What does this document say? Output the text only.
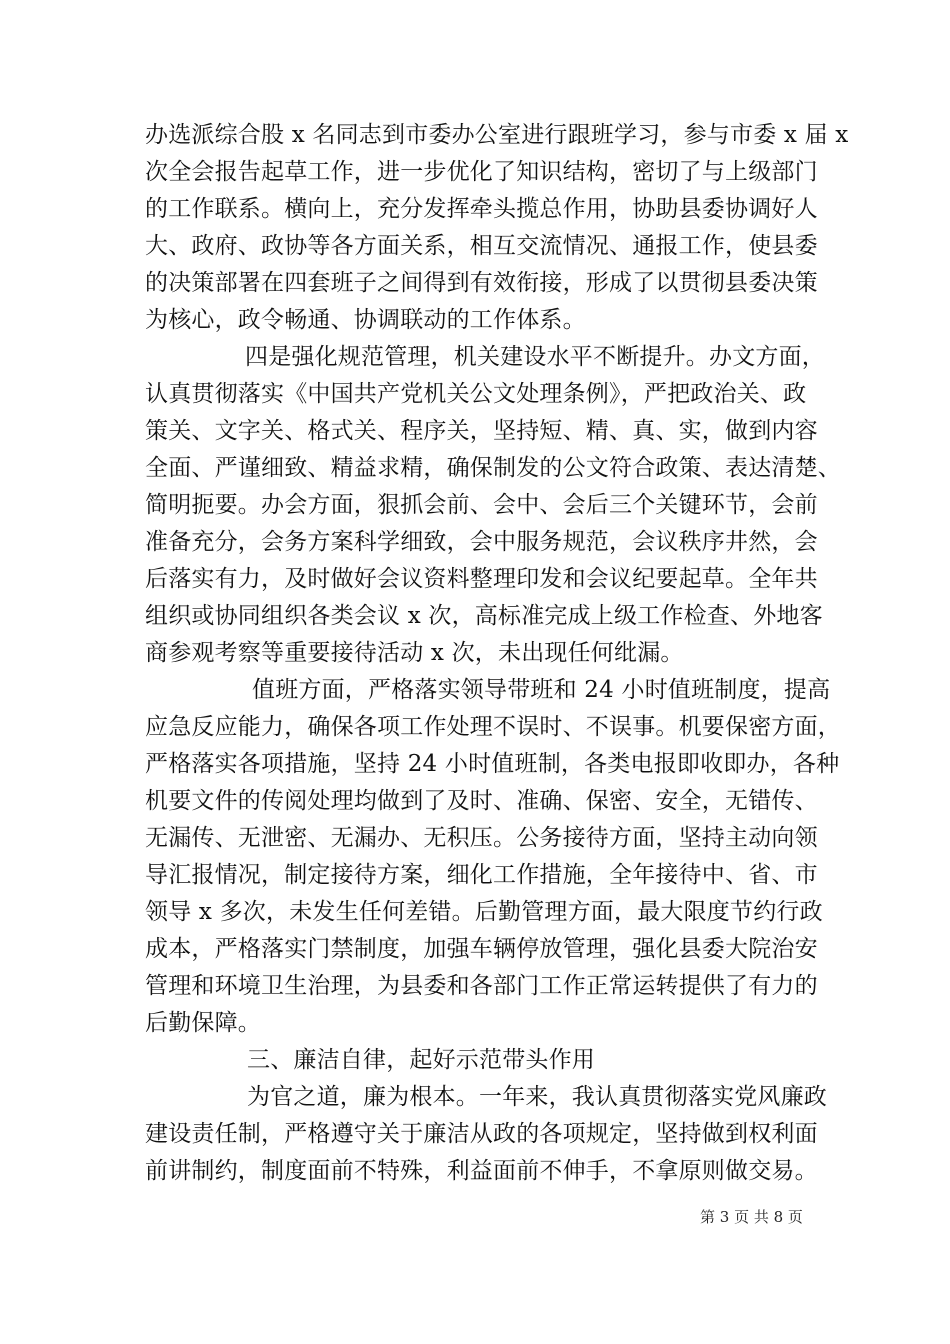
办选派综合股 x 名同志到市委办公室进行跟班学习，参与市委 x 届 x
次全会报告起草工作，进一步优化了知识结构，密切了与上级部门
的工作联系。横向上，充分发挥牵头揽总作用，协助县委协调好人
大、政府、政协等各方面关系，相互交流情况、通报工作，使县委
的决策部署在四套班子之间得到有效衔接，形成了以贯彻县委决策
为核心，政令畅通、协调联动的工作体系。
四是强化规范管理，机关建设水平不断提升。办文方面，
认真贯彻落实《中国共产党机关公文处理条例》，严把政治关、政
策关、文字关、格式关、程序关，坚持短、精、真、实，做到内容
全面、严谨细致、精益求精，确保制发的公文符合政策、表达清楚、
简明扼要。办会方面，狠抓会前、会中、会后三个关键环节，会前
准备充分，会务方案科学细致，会中服务规范，会议秩序井然，会
后落实有力，及时做好会议资料整理印发和会议纪要起草。全年共
组织或协同组织各类会议 x 次，高标准完成上级工作检查、外地客
商参观考察等重要接待活动 x 次，未出现任何纰漏。
值班方面，严格落实领导带班和 24 小时值班制度，提高
应急反应能力，确保各项工作处理不误时、不误事。机要保密方面，
严格落实各项措施，坚持 24 小时值班制，各类电报即收即办，各种
机要文件的传阅处理均做到了及时、准确、保密、安全，无错传、
无漏传、无泄密、无漏办、无积压。公务接待方面，坚持主动向领
导汇报情况，制定接待方案，细化工作措施，全年接待中、省、市
领导 x 多次，未发生任何差错。后勤管理方面，最大限度节约行政
成本，严格落实门禁制度，加强车辆停放管理，强化县委大院治安
管理和环境卫生治理，为县委和各部门工作正常运转提供了有力的
后勤保障。
三、廉洁自律，起好示范带头作用
为官之道，廉为根本。一年来，我认真贯彻落实党风廉政
建设责任制，严格遵守关于廉洁从政的各项规定，坚持做到权利面
前讲制约，制度面前不特殊，利益面前不伸手，不拿原则做交易。
第 3 页 共 8 页
